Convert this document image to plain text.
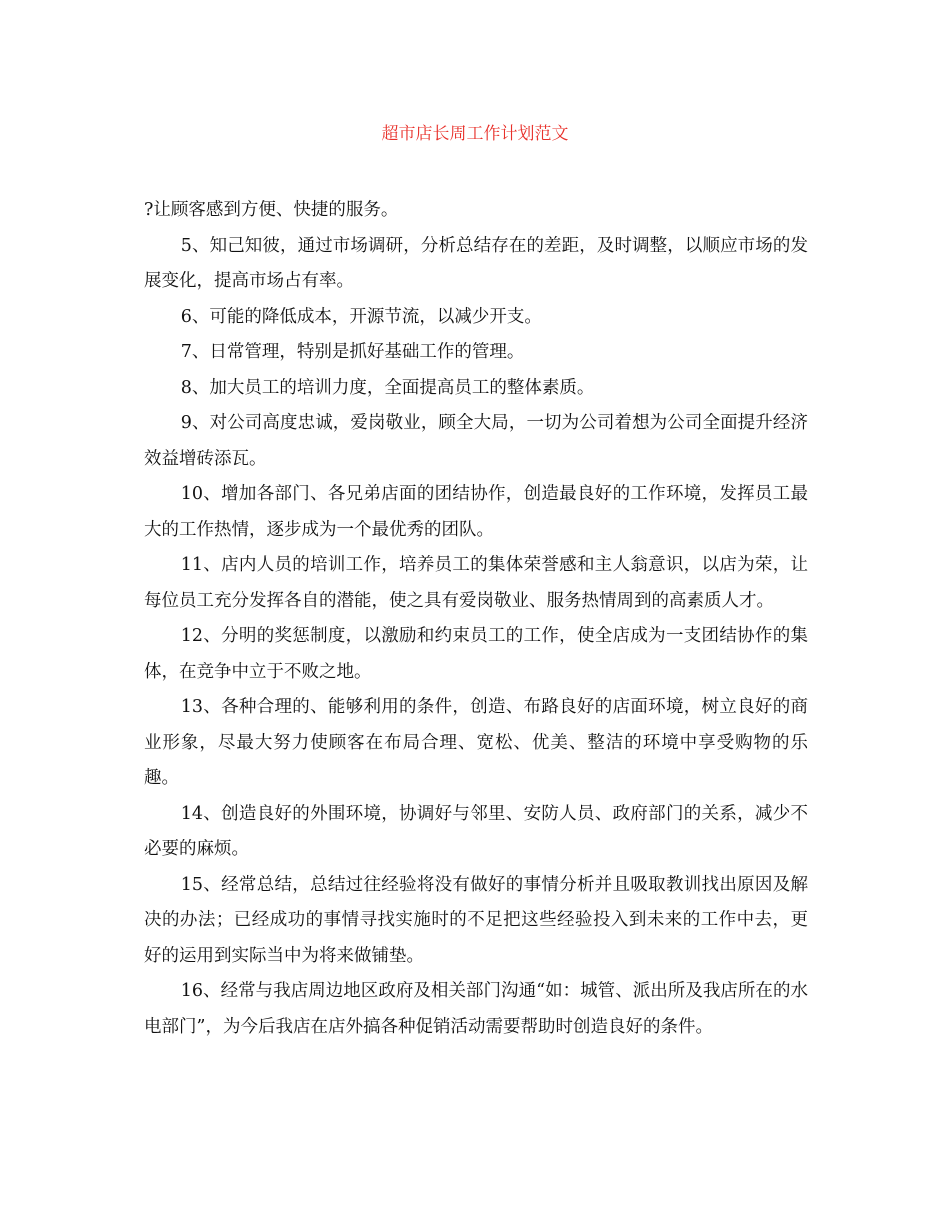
超市店长周工作计划范文

?让顾客感到方便、快捷的服务。

5、知己知彼，通过市场调研，分析总结存在的差距，及时调整，以顺应市场的发展变化，提高市场占有率。

6、可能的降低成本，开源节流，以减少开支。

7、日常管理，特别是抓好基础工作的管理。

8、加大员工的培训力度，全面提高员工的整体素质。

9、对公司高度忠诚，爱岗敬业，顾全大局，一切为公司着想为公司全面提升经济效益增砖添瓦。

10、增加各部门、各兄弟店面的团结协作，创造最良好的工作环境，发挥员工最大的工作热情，逐步成为一个最优秀的团队。

11、店内人员的培训工作，培养员工的集体荣誉感和主人翁意识，以店为荣，让每位员工充分发挥各自的潜能，使之具有爱岗敬业、服务热情周到的高素质人才。

12、分明的奖惩制度，以激励和约束员工的工作，使全店成为一支团结协作的集体，在竞争中立于不败之地。

13、各种合理的、能够利用的条件，创造、布路良好的店面环境，树立良好的商业形象，尽最大努力使顾客在布局合理、宽松、优美、整洁的环境中享受购物的乐趣。

14、创造良好的外围环境，协调好与邻里、安防人员、政府部门的关系，减少不必要的麻烦。

15、经常总结，总结过往经验将没有做好的事情分析并且吸取教训找出原因及解决的办法；已经成功的事情寻找实施时的不足把这些经验投入到未来的工作中去，更好的运用到实际当中为将来做铺垫。

16、经常与我店周边地区政府及相关部门沟通“如：城管、派出所及我店所在的水电部门”，为今后我店在店外搞各种促销活动需要帮助时创造良好的条件。
